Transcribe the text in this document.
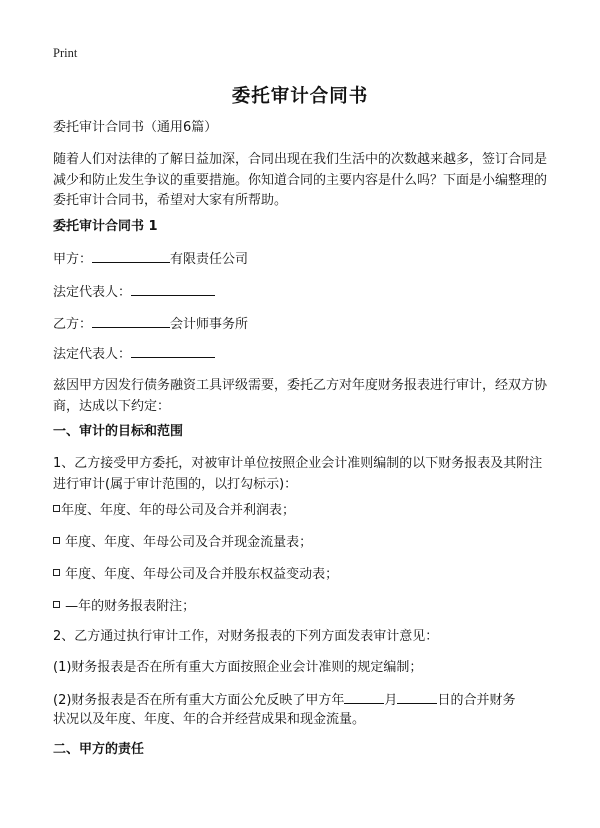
Print
委托审计合同书
委托审计合同书（通用6篇）
随着人们对法律的了解日益加深，合同出现在我们生活中的次数越来越多，签订合同是减少和防止发生争议的重要措施。你知道合同的主要内容是什么吗？下面是小编整理的委托审计合同书，希望对大家有所帮助。
委托审计合同书 1
甲方：	有限责任公司
法定代表人：
乙方：	会计师事务所
法定代表人：
兹因甲方因发行债务融资工具评级需要，委托乙方对年度财务报表进行审计，经双方协商，达成以下约定：
一、审计的目标和范围
1、乙方接受甲方委托，对被审计单位按照企业会计准则编制的以下财务报表及其附注进行审计(属于审计范围的，以打勾标示)：
年度、年度、年的母公司及合并利润表；
年度、年度、年母公司及合并现金流量表；
年度、年度、年母公司及合并股东权益变动表；
—年的财务报表附注；
2、乙方通过执行审计工作，对财务报表的下列方面发表审计意见：
(1)财务报表是否在所有重大方面按照企业会计准则的规定编制；
(2)财务报表是否在所有重大方面公允反映了甲方年	月	日的合并财务
状况以及年度、年度、年的合并经营成果和现金流量。
二、甲方的责任
